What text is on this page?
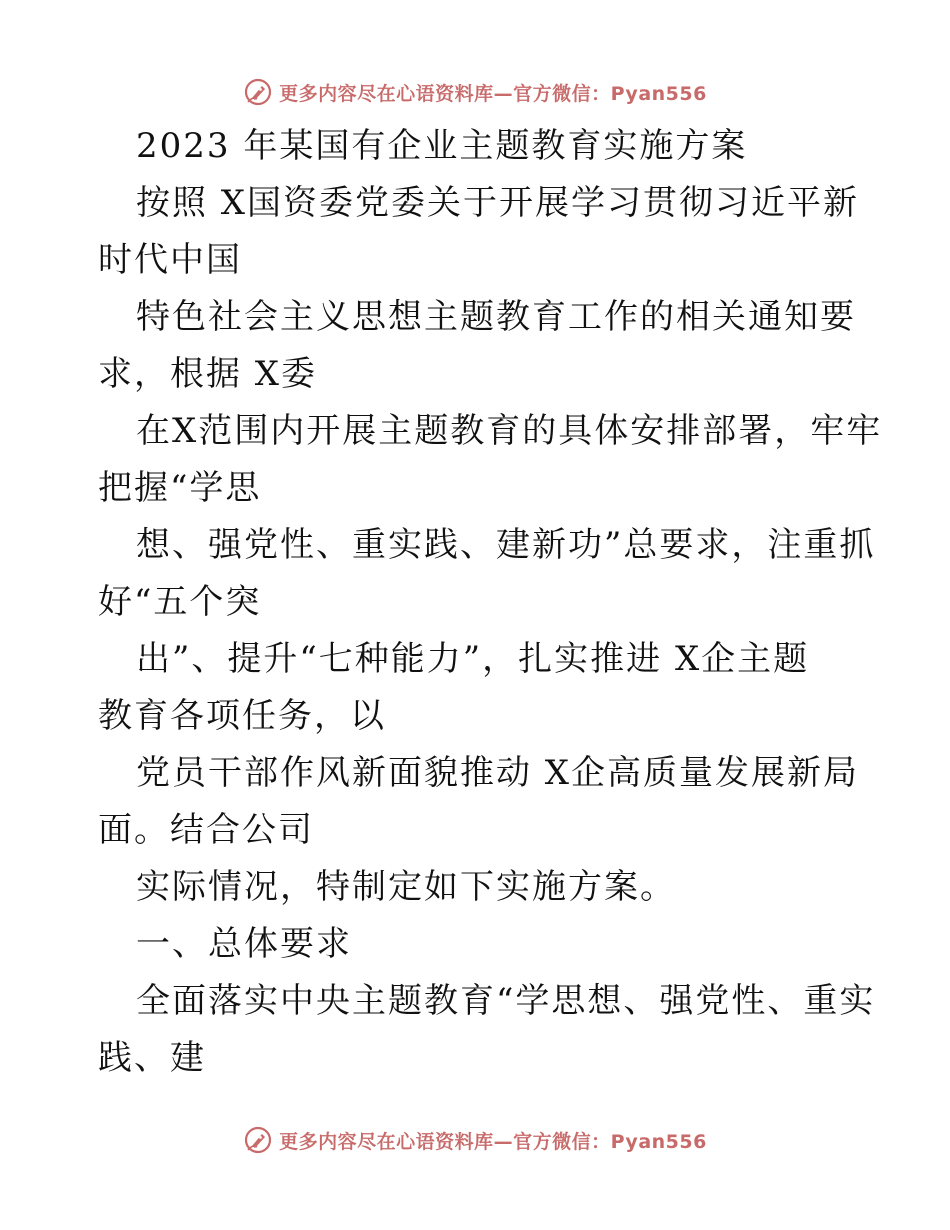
更多内容尽在心语资料库—官方微信：Pyan556
2023 年某国有企业主题教育实施方案
按照 X国资委党委关于开展学习贯彻习近平新
时代中国
特色社会主义思想主题教育工作的相关通知要
求，根据 X委
在X范围内开展主题教育的具体安排部署，牢牢
把握“学思
想、强党性、重实践、建新功”总要求，注重抓
好“五个突
出”、提升“七种能力”，扎实推进 X企主题
教育各项任务，以
党员干部作风新面貌推动 X企高质量发展新局
面。结合公司
实际情况，特制定如下实施方案。
一、总体要求
全面落实中央主题教育“学思想、强党性、重实
践、建
更多内容尽在心语资料库—官方微信：Pyan556
